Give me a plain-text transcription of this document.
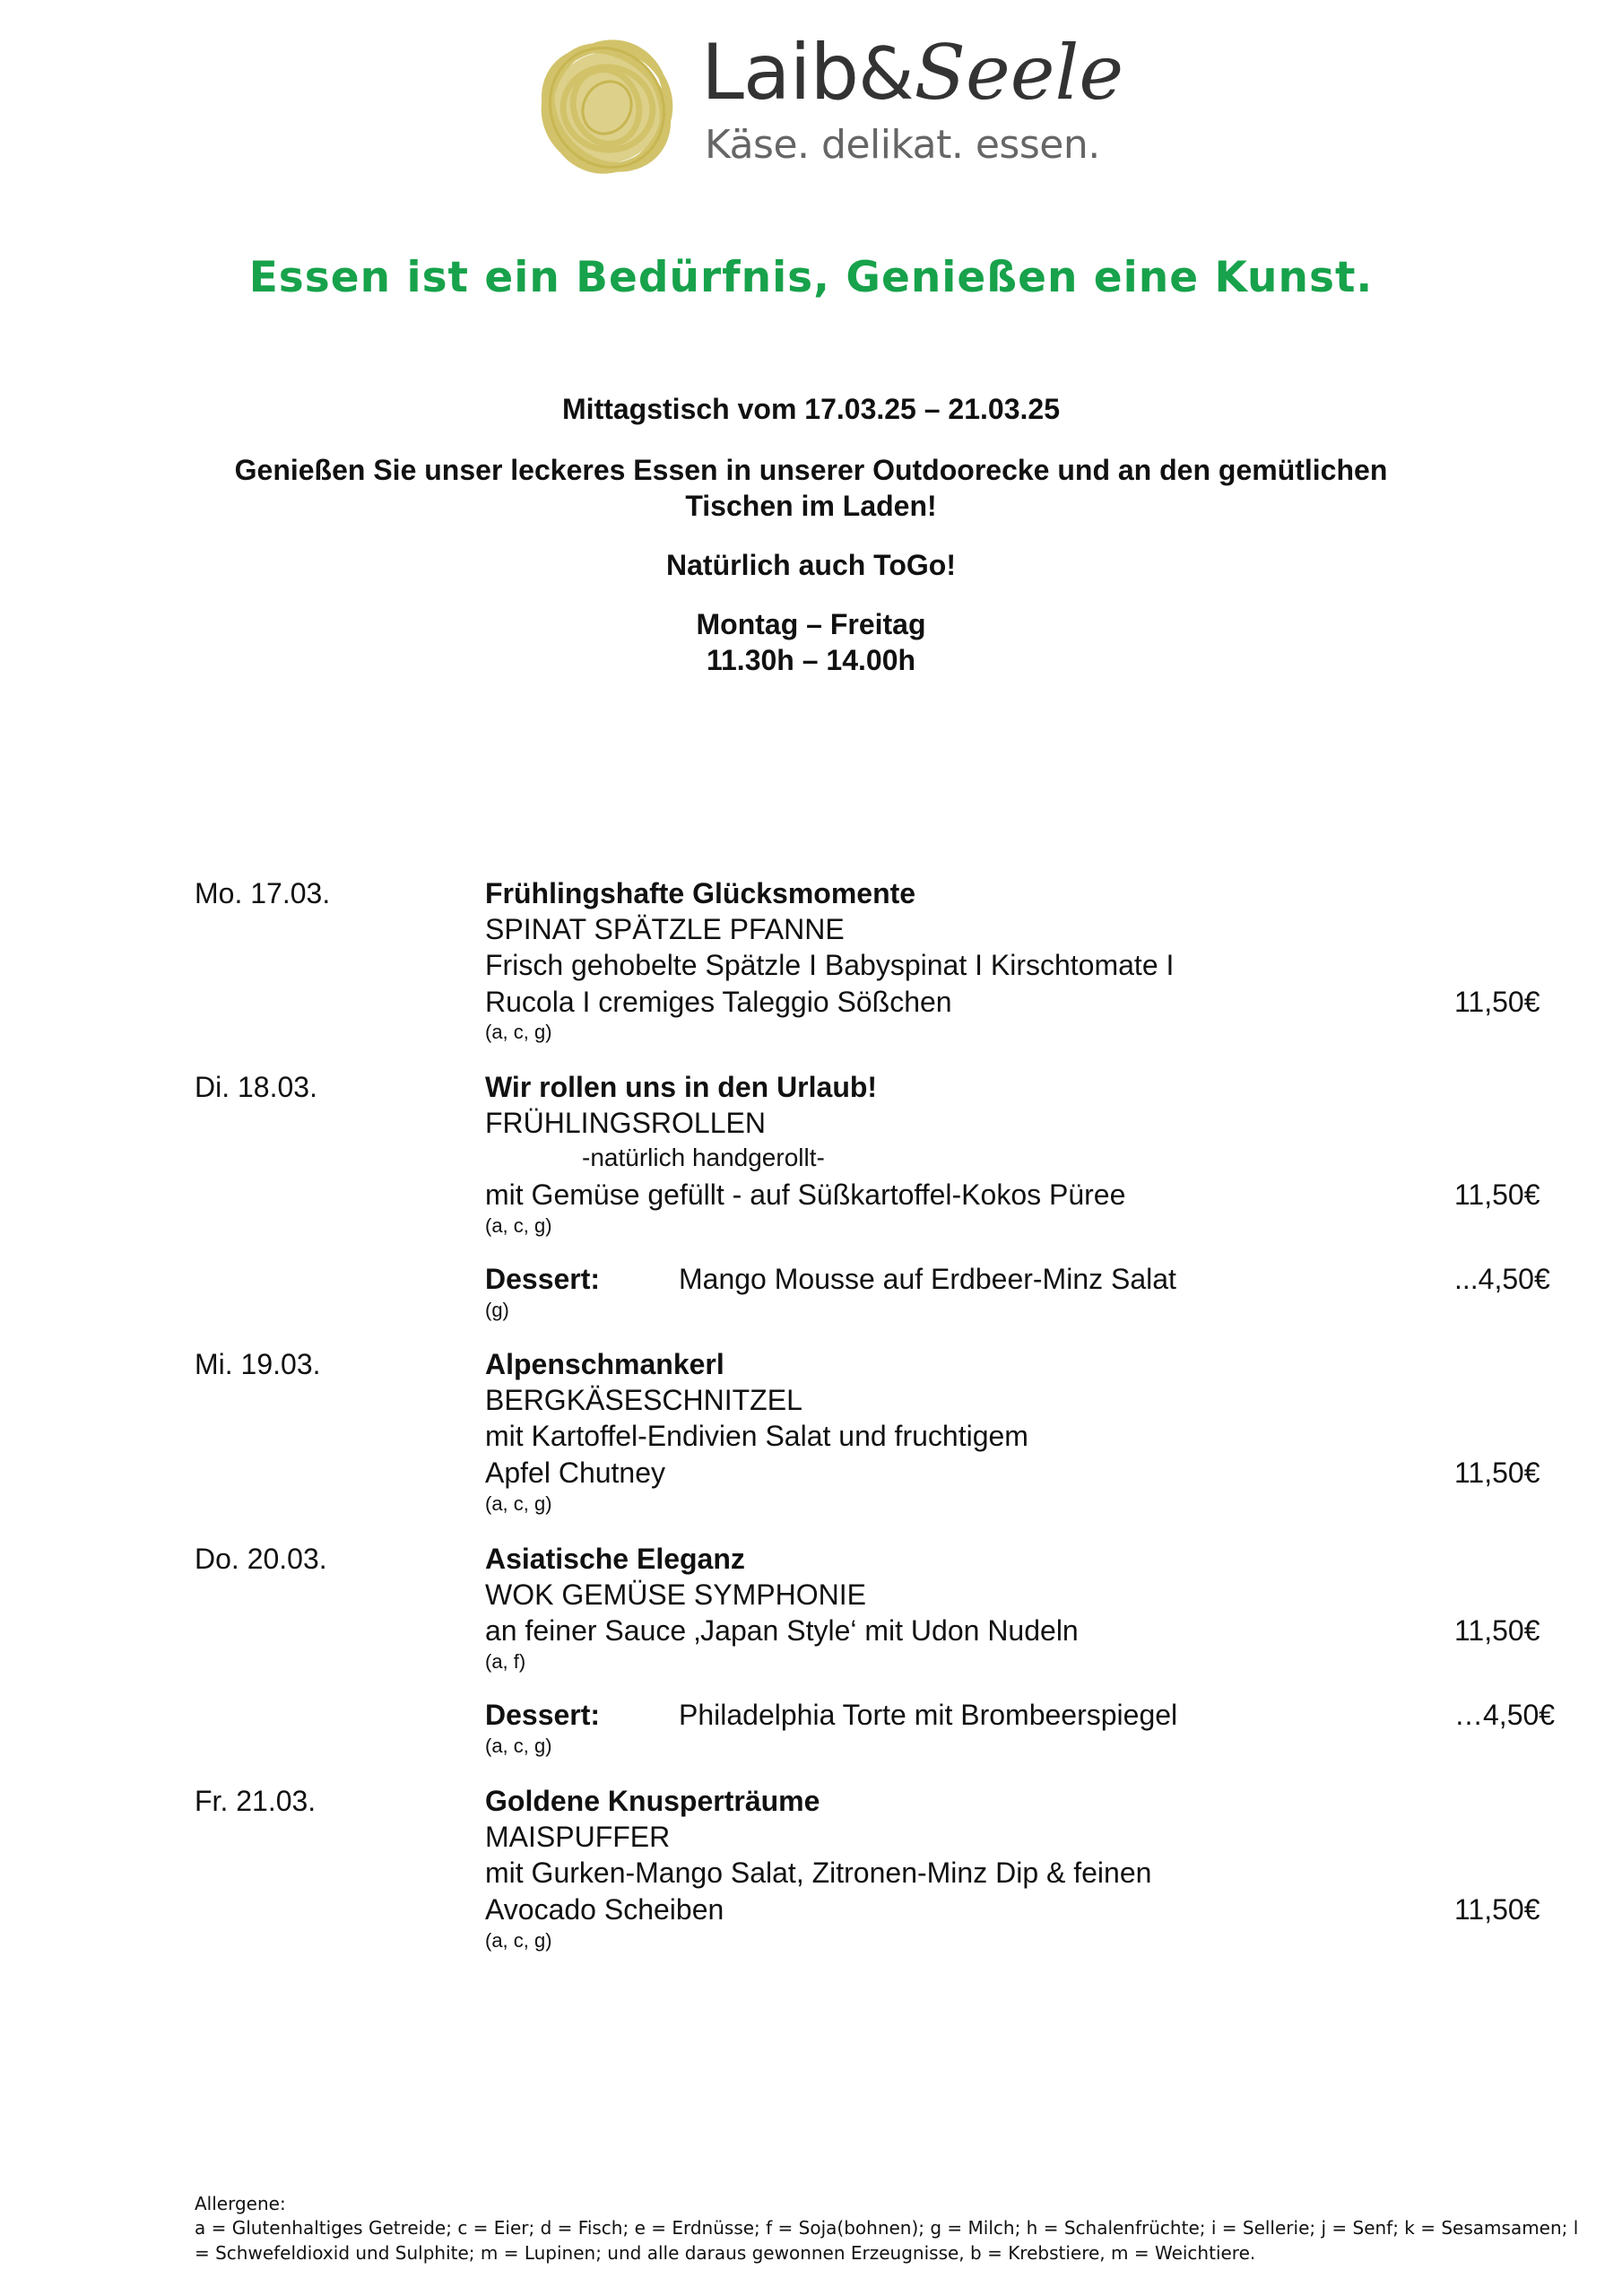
Laib&Seele
Käse. delikat. essen.
Essen ist ein Bedürfnis, Genießen eine Kunst.
Mittagstisch vom 17.03.25 – 21.03.25
Genießen Sie unser leckeres Essen in unserer Outdoorecke und an den gemütlichen
Tischen im Laden!
Natürlich auch ToGo!
Montag – Freitag
11.30h – 14.00h
Mo. 17.03.	Frühlingshafte Glücksmomente
SPINAT SPÄTZLE PFANNE
Frisch gehobelte Spätzle I Babyspinat I Kirschtomate I
Rucola I cremiges Taleggio Sößchen	11,50€
(a, c, g)
Di. 18.03.	Wir rollen uns in den Urlaub!
FRÜHLINGSROLLEN
-natürlich handgerollt-
mit Gemüse gefüllt - auf Süßkartoffel-Kokos Püree	11,50€
(a, c, g)
Dessert:	Mango Mousse auf Erdbeer-Minz Salat	...4,50€
(g)
Mi. 19.03.	Alpenschmankerl
BERGKÄSESCHNITZEL
mit Kartoffel-Endivien Salat und fruchtigem
Apfel Chutney	11,50€
(a, c, g)
Do. 20.03.	Asiatische Eleganz
WOK GEMÜSE SYMPHONIE
an feiner Sauce ‚Japan Style‘ mit Udon Nudeln	11,50€
(a, f)
Dessert:	Philadelphia Torte mit Brombeerspiegel	…4,50€
(a, c, g)
Fr. 21.03.	Goldene Knusperträume
MAISPUFFER
mit Gurken-Mango Salat, Zitronen-Minz Dip & feinen
Avocado Scheiben	11,50€
(a, c, g)
Allergene:
a = Glutenhaltiges Getreide; c = Eier; d = Fisch; e = Erdnüsse; f = Soja(bohnen); g = Milch; h = Schalenfrüchte; i = Sellerie; j = Senf; k = Sesamsamen; l
= Schwefeldioxid und Sulphite; m = Lupinen; und alle daraus gewonnen Erzeugnisse, b = Krebstiere, m = Weichtiere.
